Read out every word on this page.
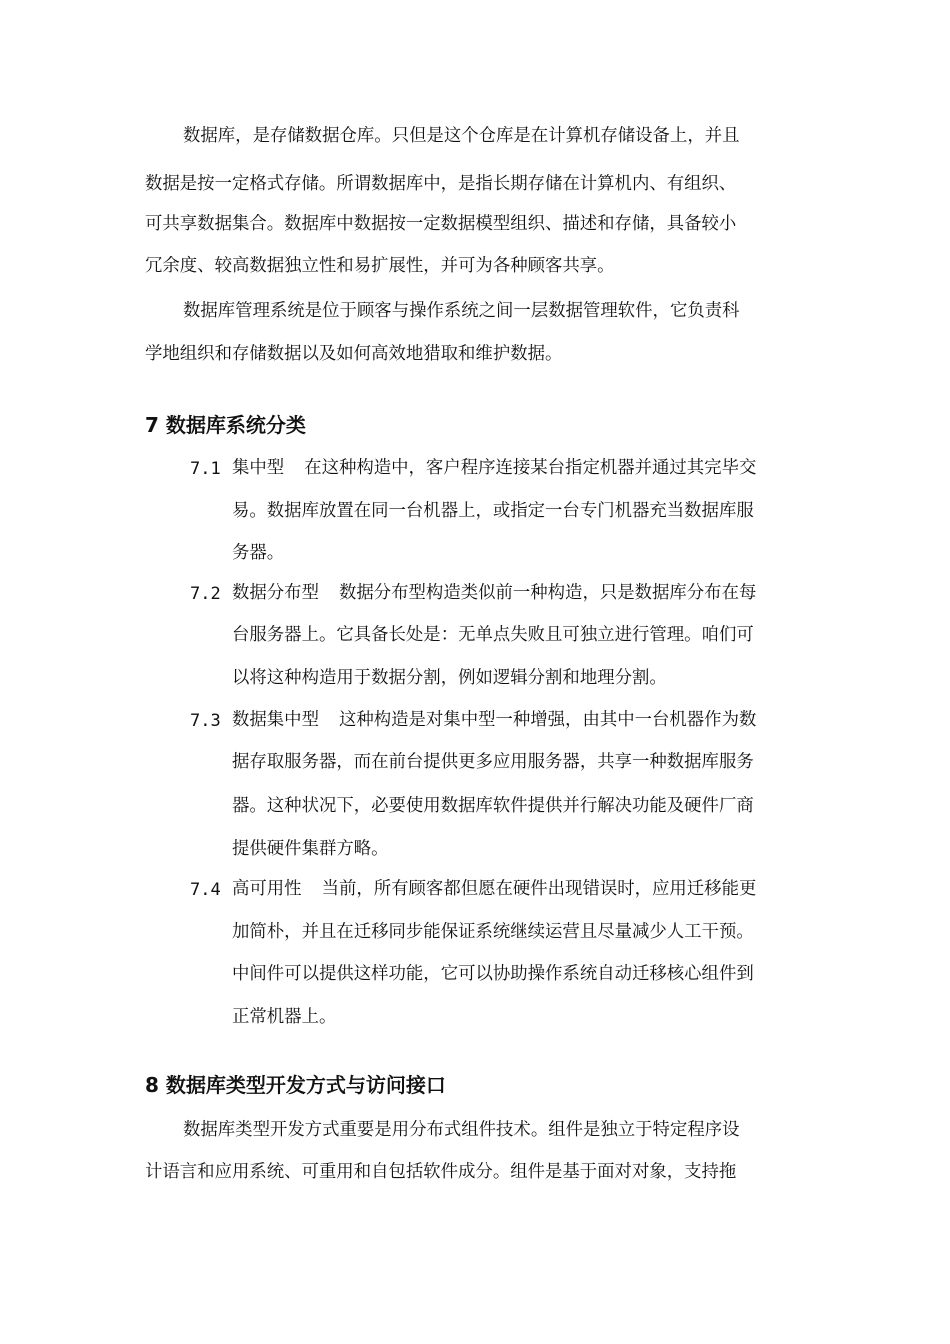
数据库，是存储数据仓库。只但是这个仓库是在计算机存储设备上，并且
数据是按一定格式存储。所谓数据库中，是指长期存储在计算机内、有组织、
可共享数据集合。数据库中数据按一定数据模型组织、描述和存储，具备较小
冗余度、较高数据独立性和易扩展性，并可为各种顾客共享。
数据库管理系统是位于顾客与操作系统之间一层数据管理软件，它负责科
学地组织和存储数据以及如何高效地猎取和维护数据。
7 数据库系统分类
7.1 集中型 在这种构造中，客户程序连接某台指定机器并通过其完毕交
易。数据库放置在同一台机器上，或指定一台专门机器充当数据库服
务器。
7.2 数据分布型 数据分布型构造类似前一种构造，只是数据库分布在每
台服务器上。它具备长处是：无单点失败且可独立进行管理。咱们可
以将这种构造用于数据分割，例如逻辑分割和地理分割。
7.3 数据集中型 这种构造是对集中型一种增强，由其中一台机器作为数
据存取服务器，而在前台提供更多应用服务器，共享一种数据库服务
器。这种状况下，必要使用数据库软件提供并行解决功能及硬件厂商
提供硬件集群方略。
7.4 高可用性 当前，所有顾客都但愿在硬件出现错误时，应用迁移能更
加简朴，并且在迁移同步能保证系统继续运营且尽量减少人工干预。
中间件可以提供这样功能，它可以协助操作系统自动迁移核心组件到
正常机器上。
8 数据库类型开发方式与访问接口
数据库类型开发方式重要是用分布式组件技术。组件是独立于特定程序设
计语言和应用系统、可重用和自包括软件成分。组件是基于面对对象，支持拖
